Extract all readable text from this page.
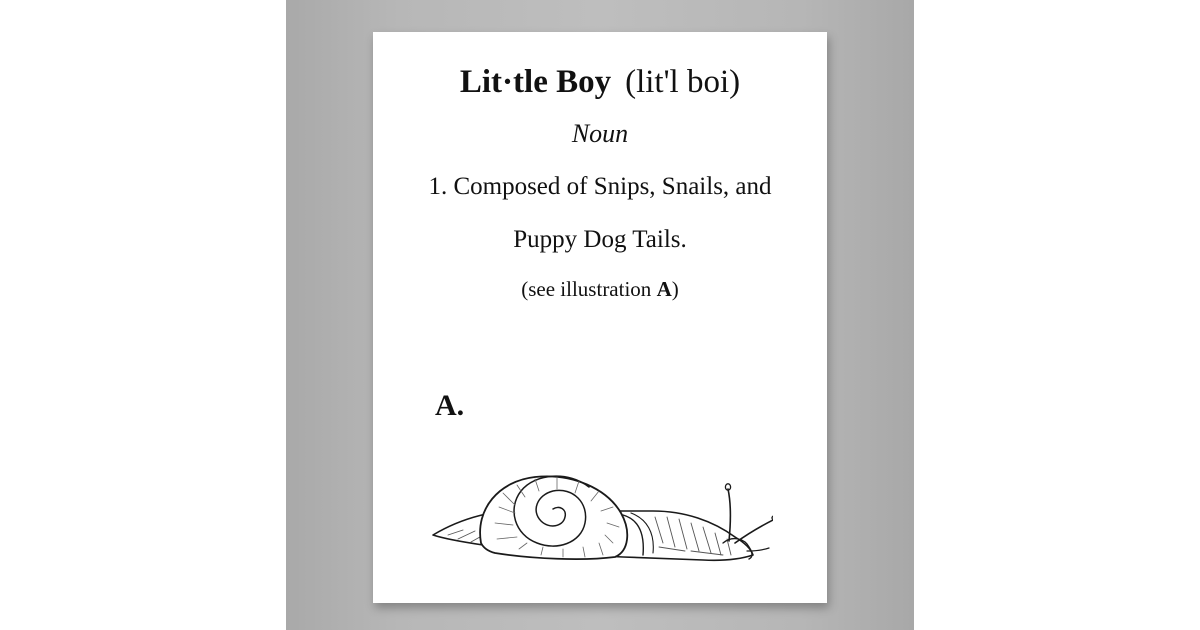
Lit·tle Boy (lit'l boi)
Noun
1. Composed of Snips, Snails, and
Puppy Dog Tails.
(see illustration A)
A.
